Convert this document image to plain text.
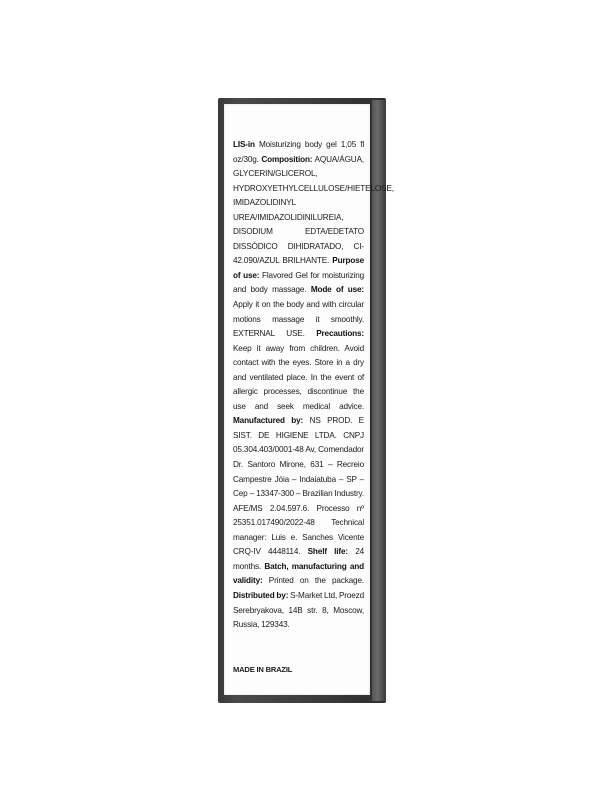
LIS-in Moisturizing body gel 1,05 fl oz/30g. Composition: AQUA/ÁGUA, GLYCERIN/GLICEROL, HYDROXYETHYLCELLULOSE/HIETELOSE, IMIDAZOLIDINYL UREA/IMIDAZOLIDINILUREIA, DISODIUM EDTA/EDETATO DISSÓDICO DIHIDRATADO, CI-42.090/AZUL BRILHANTE. Purpose of use: Flavored Gel for moisturizing and body massage. Mode of use: Apply it on the body and with circular motions massage it smoothly. EXTERNAL USE. Precautions: Keep it away from children. Avoid contact with the eyes. Store in a dry and ventilated place. In the event of allergic processes, discontinue the use and seek medical advice. Manufactured by: NS PROD. E SIST. DE HIGIENE LTDA. CNPJ 05.304.403/0001-48 Av, Comendador Dr. Santoro Mirone, 631 – Recreio Campestre Jóia – Indaiatuba – SP – Cep – 13347-300 – Brazilian Industry. AFE/MS 2.04.597.6. Processo nº 25351.017490/2022-48 Technical manager: Luis e. Sanches Vicente CRQ-IV 4448114. Shelf life: 24 months. Batch, manufacturing and validity: Printed on the package. Distributed by: S-Market Ltd, Proezd Serebryakova, 14B str. 8, Moscow, Russia, 129343.
MADE IN BRAZIL
